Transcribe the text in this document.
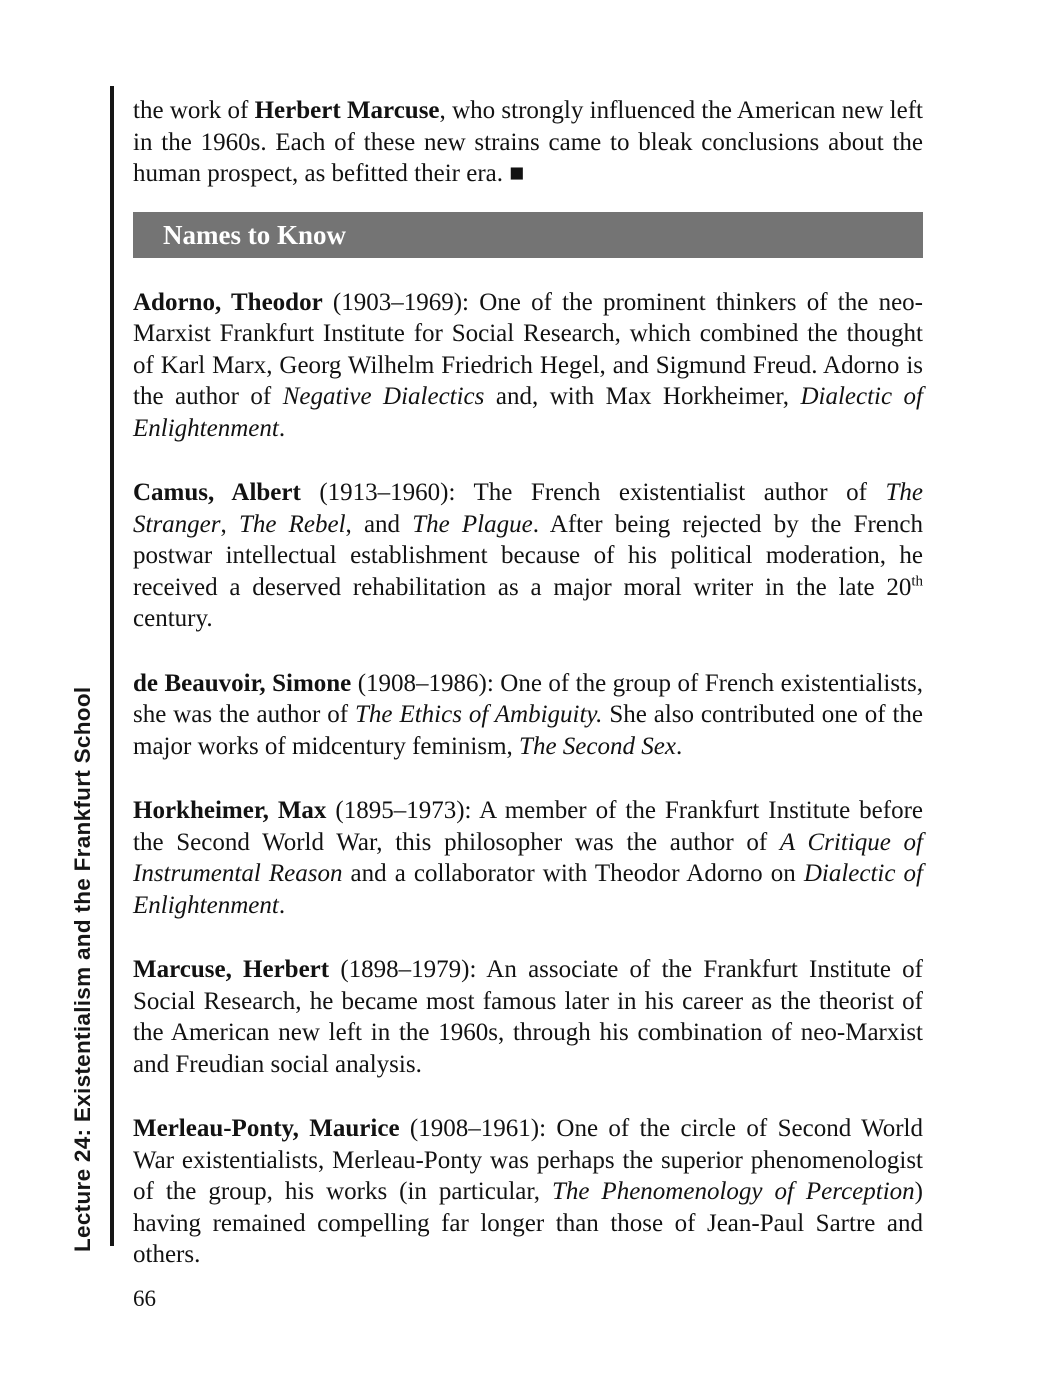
Lecture 24: Existentialism and the Frankfurt School

the work of Herbert Marcuse, who strongly influenced the American new left in the 1960s. Each of these new strains came to bleak conclusions about the human prospect, as befitted their era. ■

Names to Know

Adorno, Theodor (1903–1969): One of the prominent thinkers of the neo-Marxist Frankfurt Institute for Social Research, which combined the thought of Karl Marx, Georg Wilhelm Friedrich Hegel, and Sigmund Freud. Adorno is the author of Negative Dialectics and, with Max Horkheimer, Dialectic of Enlightenment.

Camus, Albert (1913–1960): The French existentialist author of The Stranger, The Rebel, and The Plague. After being rejected by the French postwar intellectual establishment because of his political moderation, he received a deserved rehabilitation as a major moral writer in the late 20th century.

de Beauvoir, Simone (1908–1986): One of the group of French existentialists, she was the author of The Ethics of Ambiguity. She also contributed one of the major works of midcentury feminism, The Second Sex.

Horkheimer, Max (1895–1973): A member of the Frankfurt Institute before the Second World War, this philosopher was the author of A Critique of Instrumental Reason and a collaborator with Theodor Adorno on Dialectic of Enlightenment.

Marcuse, Herbert (1898–1979): An associate of the Frankfurt Institute of Social Research, he became most famous later in his career as the theorist of the American new left in the 1960s, through his combination of neo-Marxist and Freudian social analysis.

Merleau-Ponty, Maurice (1908–1961): One of the circle of Second World War existentialists, Merleau-Ponty was perhaps the superior phenomenologist of the group, his works (in particular, The Phenomenology of Perception) having remained compelling far longer than those of Jean-Paul Sartre and others.

66
